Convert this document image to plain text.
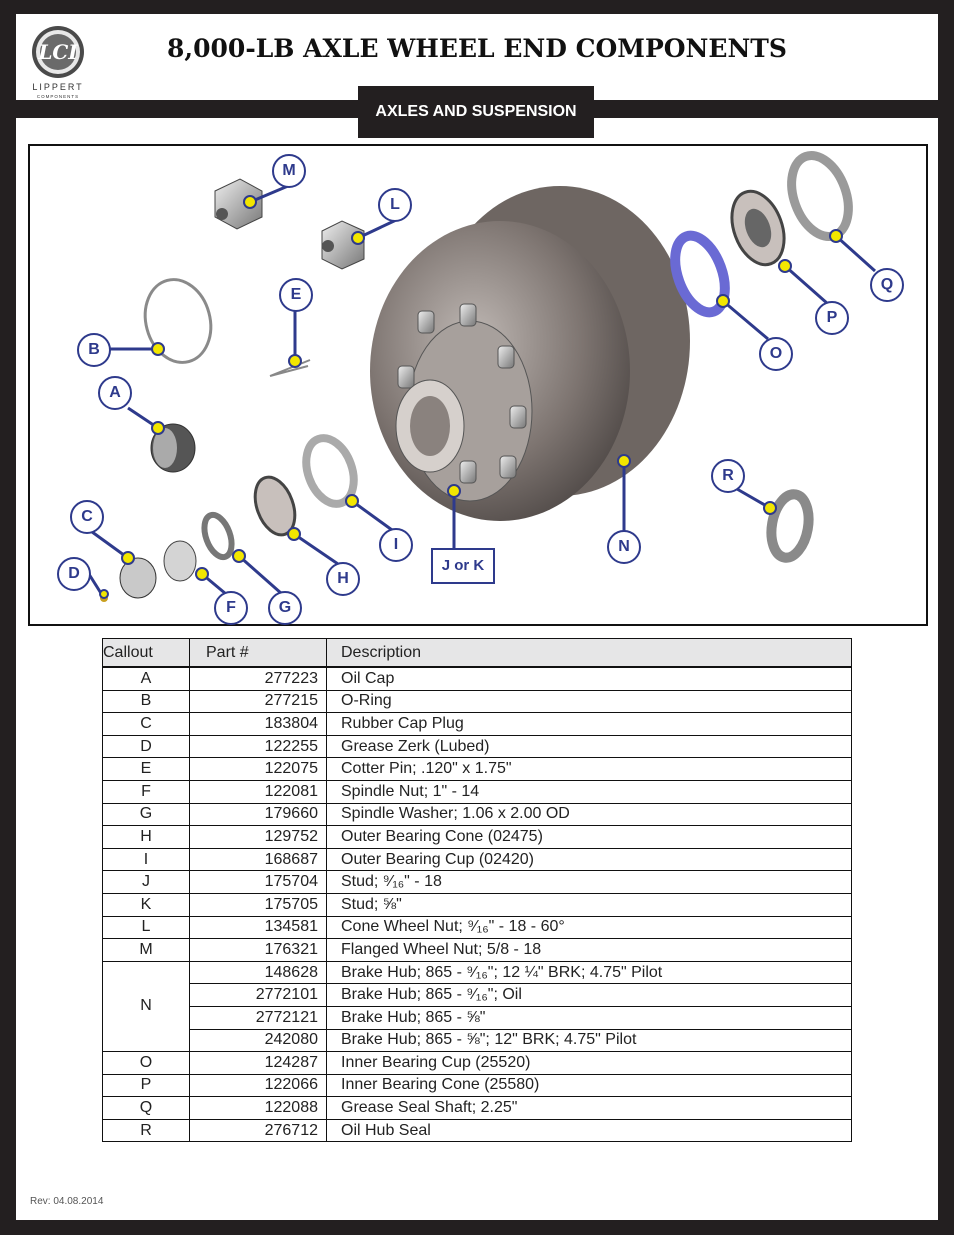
LCI
LIPPERT
COMPONENTS
8,000-LB AXLE WHEEL END COMPONENTS
AXLES AND SUSPENSION
M
L
E
B
A
Q
P
O
R
C
D
F	G
H
I
J or K
N
Callout	Part #	Description
A	277223	Oil Cap
B	277215	O-Ring
C	183804	Rubber Cap Plug
D	122255	Grease Zerk (Lubed)
E	122075	Cotter Pin; .120" x 1.75"
F	122081	Spindle Nut; 1" - 14
G	179660	Spindle Washer; 1.06 x 2.00 OD
H	129752	Outer Bearing Cone (02475)
I	168687	Outer Bearing Cup (02420)
J	175704	Stud; ⁹⁄₁₆" - 18
K	175705	Stud; ⅝"
L	134581	Cone Wheel Nut; ⁹⁄₁₆" - 18 - 60°
M	176321	Flanged Wheel Nut; 5/8 - 18
N	148628	Brake Hub; 865 - ⁹⁄₁₆"; 12 ¼" BRK; 4.75" Pilot
	2772101	Brake Hub; 865 - ⁹⁄₁₆"; Oil
	2772121	Brake Hub; 865 - ⅝"
	242080	Brake Hub; 865 - ⅝"; 12" BRK; 4.75" Pilot
O	124287	Inner Bearing Cup (25520)
P	122066	Inner Bearing Cone (25580)
Q	122088	Grease Seal Shaft; 2.25"
R	276712	Oil Hub Seal
Rev: 04.08.2014
